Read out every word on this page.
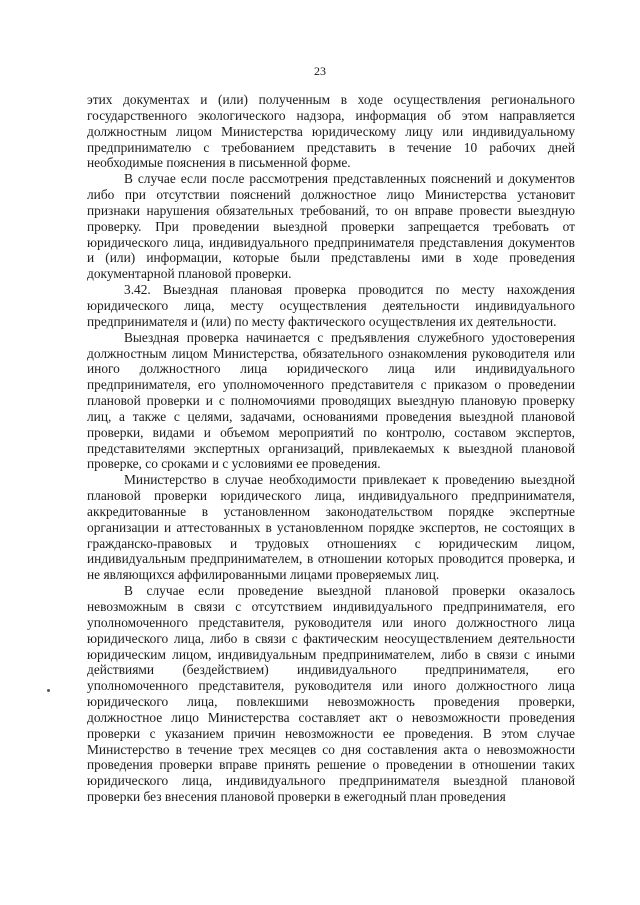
23

этих документах и (или) полученным в ходе осуществления регионального государственного экологического надзора, информация об этом направляется должностным лицом Министерства юридическому лицу или индивидуальному предпринимателю с требованием представить в течение 10 рабочих дней необходимые пояснения в письменной форме.

В случае если после рассмотрения представленных пояснений и документов либо при отсутствии пояснений должностное лицо Министерства установит признаки нарушения обязательных требований, то он вправе провести выездную проверку. При проведении выездной проверки запрещается требовать от юридического лица, индивидуального предпринимателя представления документов и (или) информации, которые были представлены ими в ходе проведения документарной плановой проверки.

3.42. Выездная плановая проверка проводится по месту нахождения юридического лица, месту осуществления деятельности индивидуального предпринимателя и (или) по месту фактического осуществления их деятельности.

Выездная проверка начинается с предъявления служебного удостоверения должностным лицом Министерства, обязательного ознакомления руководителя или иного должностного лица юридического лица или индивидуального предпринимателя, его уполномоченного представителя с приказом о проведении плановой проверки и с полномочиями проводящих выездную плановую проверку лиц, а также с целями, задачами, основаниями проведения выездной плановой проверки, видами и объемом мероприятий по контролю, составом экспертов, представителями экспертных организаций, привлекаемых к выездной плановой проверке, со сроками и с условиями ее проведения.

Министерство в случае необходимости привлекает к проведению выездной плановой проверки юридического лица, индивидуального предпринимателя, аккредитованные в установленном законодательством порядке экспертные организации и аттестованных в установленном порядке экспертов, не состоящих в гражданско-правовых и трудовых отношениях с юридическим лицом, индивидуальным предпринимателем, в отношении которых проводится проверка, и не являющихся аффилированными лицами проверяемых лиц.

В случае если проведение выездной плановой проверки оказалось невозможным в связи с отсутствием индивидуального предпринимателя, его уполномоченного представителя, руководителя или иного должностного лица юридического лица, либо в связи с фактическим неосуществлением деятельности юридическим лицом, индивидуальным предпринимателем, либо в связи с иными действиями (бездействием) индивидуального предпринимателя, его уполномоченного представителя, руководителя или иного должностного лица юридического лица, повлекшими невозможность проведения проверки, должностное лицо Министерства составляет акт о невозможности проведения проверки с указанием причин невозможности ее проведения. В этом случае Министерство в течение трех месяцев со дня составления акта о невозможности проведения проверки вправе принять решение о проведении в отношении таких юридического лица, индивидуального предпринимателя выездной плановой проверки без внесения плановой проверки в ежегодный план проведения
